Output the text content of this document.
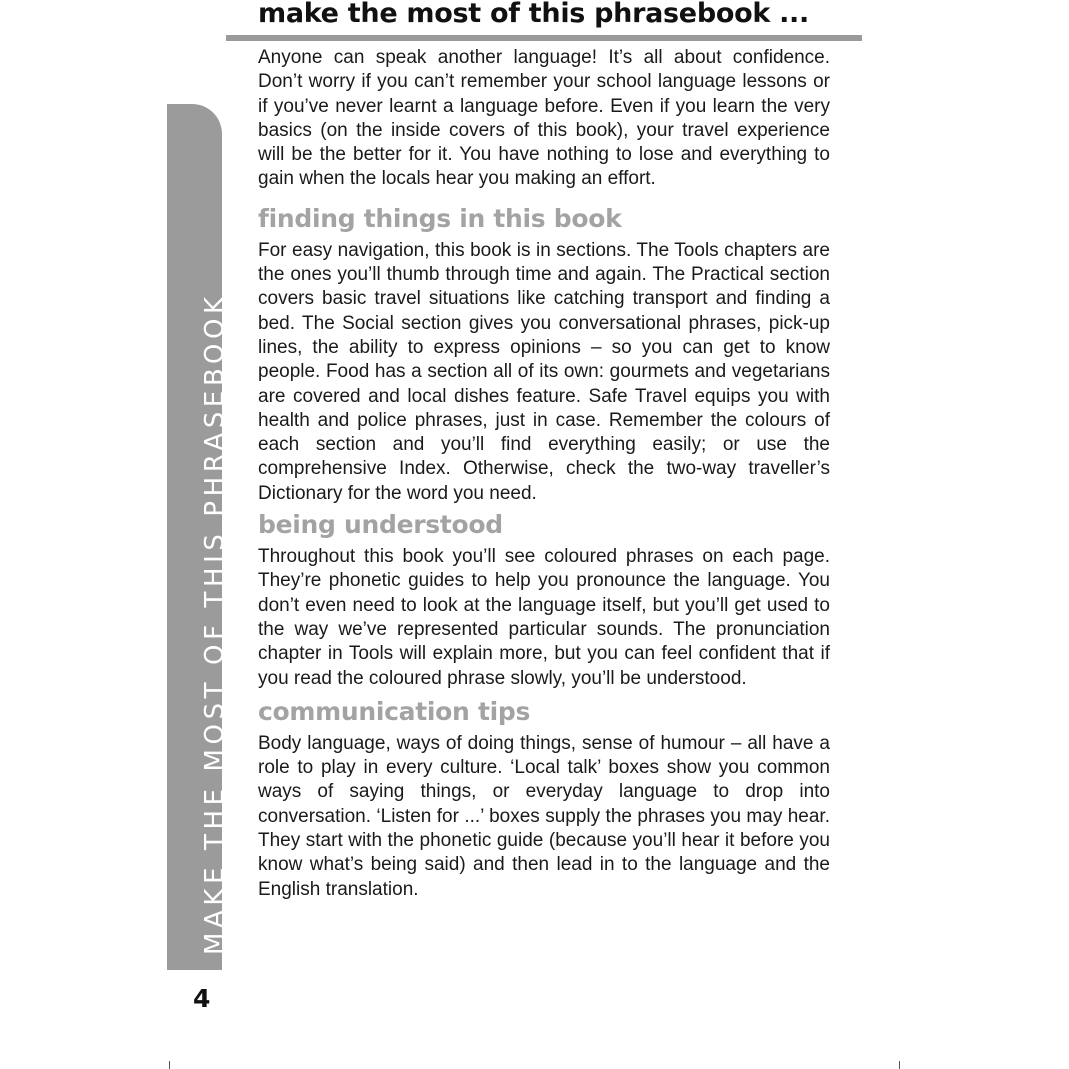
make the most of this phrasebook ...
MAKE THE MOST OF THIS PHRASEBOOK

Anyone can speak another language! It’s all about confidence. Don’t worry if you can’t remember your school language lessons or if you’ve never learnt a language before. Even if you learn the very basics (on the inside covers of this book), your travel experience will be the better for it. You have nothing to lose and everything to gain when the locals hear you making an effort.

finding things in this book

For easy navigation, this book is in sections. The Tools chapters are the ones you’ll thumb through time and again. The Practical section covers basic travel situations like catching transport and finding a bed. The Social section gives you conversational phrases, pick-up lines, the ability to express opinions – so you can get to know people. Food has a section all of its own: gourmets and vegetarians are covered and local dishes feature. Safe Travel equips you with health and police phrases, just in case. Remember the colours of each section and you’ll find everything easily; or use the comprehensive Index. Otherwise, check the two-way traveller’s Dictionary for the word you need.

being understood

Throughout this book you’ll see coloured phrases on each page. They’re phonetic guides to help you pronounce the language. You don’t even need to look at the language itself, but you’ll get used to the way we’ve represented particular sounds. The pronunciation chapter in Tools will explain more, but you can feel confident that if you read the coloured phrase slowly, you’ll be understood.

communication tips

Body language, ways of doing things, sense of humour – all have a role to play in every culture. ‘Local talk’ boxes show you common ways of saying things, or everyday language to drop into conversation. ‘Listen for ...’ boxes supply the phrases you may hear. They start with the phonetic guide (because you’ll hear it before you know what’s being said) and then lead in to the language and the English translation.

4
